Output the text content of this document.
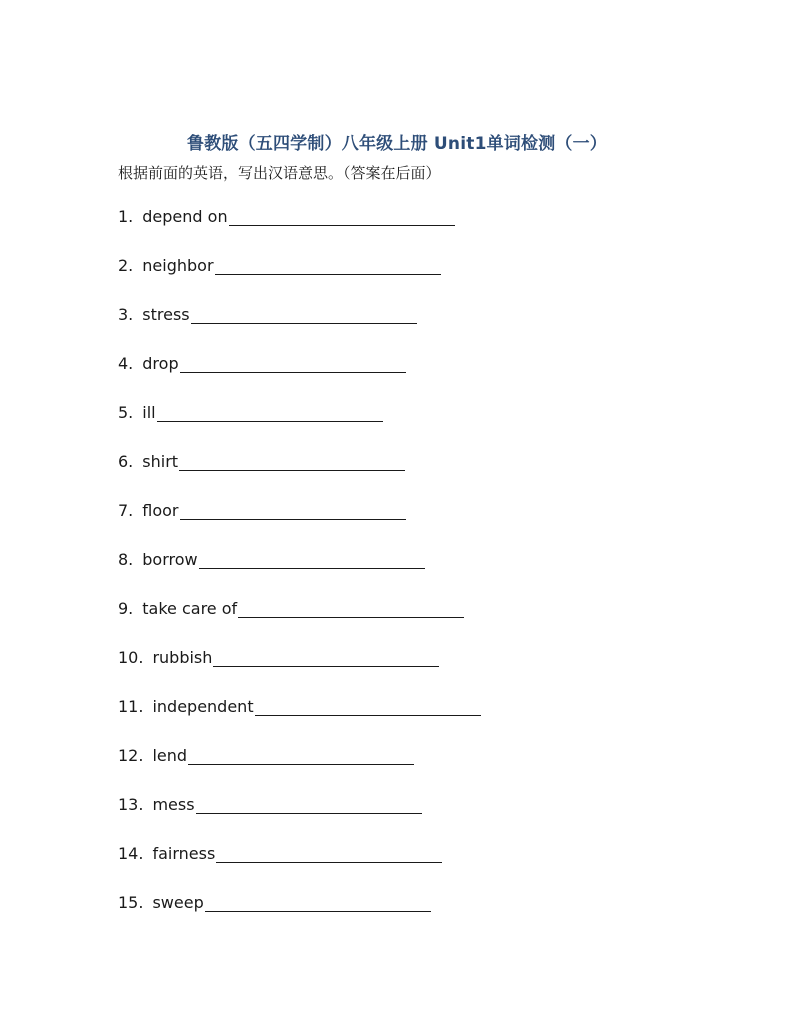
鲁教版（五四学制）八年级上册 Unit1单词检测（一）
根据前面的英语，写出汉语意思。（答案在后面）
1. depend on
2. neighbor
3. stress
4. drop
5. ill
6. shirt
7. floor
8. borrow
9. take care of
10. rubbish
11. independent
12. lend
13. mess
14. fairness
15. sweep
